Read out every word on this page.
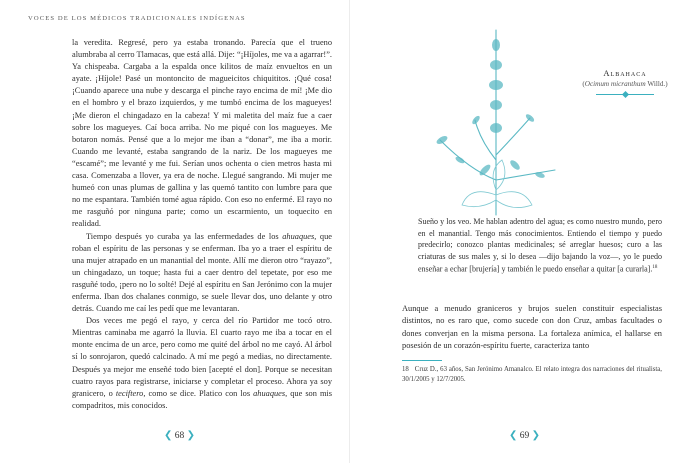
VOCES DE LOS MÉDICOS TRADICIONALES INDÍGENAS

la veredita. Regresé, pero ya estaba tronando. Parecía que el trueno alumbraba al cerro Tlamacas, que está allá. Dije: “¡Híjoles, me va a agarrar!”. Ya chispeaba. Cargaba a la espalda once kilitos de maíz envueltos en un ayate. ¡Híjole! Pasé un montoncito de magueicitos chiquititos. ¡Qué cosa! ¡Cuando aparece una nube y descarga el pinche rayo encima de mí! ¡Me dio en el hombro y el brazo izquierdos, y me tumbó encima de los magueyes! ¡Me dieron el chingadazo en la cabeza! Y mi maletita del maíz fue a caer sobre los magueyes. Caí boca arriba. No me piqué con los magueyes. Me botaron nomás. Pensé que a lo mejor me iban a “donar”, me iba a morir. Cuando me levanté, estaba sangrando de la nariz. De los magueyes me “escamé”; me levanté y me fui. Serían unos ochenta o cien metros hasta mi casa. Comenzaba a llover, ya era de noche. Llegué sangrando. Mi mujer me humeó con unas plumas de gallina y las quemó tantito con lumbre para que no me espantara. También tomé agua rápido. Con eso no enfermé. El rayo no me rasguñó por ninguna parte; como un escarmiento, un toquecito en realidad.

Tiempo después yo curaba ya las enfermedades de los ahuaques, que roban el espíritu de las personas y se enferman. Iba yo a traer el espíritu de una mujer atrapado en un manantial del monte. Allí me dieron otro “rayazo”, un chingadazo, un toque; hasta fui a caer dentro del tepetate, por eso me rasguñé todo, ¡pero no lo solté! Dejé al espíritu en San Jerónimo con la mujer enferma. Iban dos chalanes conmigo, se suele llevar dos, uno delante y otro detrás. Cuando me caí les pedí que me levantaran.

Dos veces me pegó el rayo, y cerca del río Partidor me tocó otro. Mientras caminaba me agarró la lluvia. El cuarto rayo me iba a tocar en el monte encima de un arce, pero como me quité del árbol no me cayó. Al árbol sí lo sonrojaron, quedó calcinado. A mí me pegó a medias, no directamente. Después ya mejor me enseñé todo bien [acepté el don]. Porque se necesitan cuatro rayos para registrarse, iniciarse y completar el proceso. Ahora ya soy granicero, o teciftero, como se dice. Platico con los ahuaques, que son mis compadritos, mis conocidos.

❮ 68 ❯
Albahaca
(Ocimum micranthum Willd.)

Sueño y los veo. Me hablan adentro del agua; es como nuestro mundo, pero en el manantial. Tengo más conocimientos. Entiendo el tiempo y puedo predecirlo; conozco plantas medicinales; sé arreglar huesos; curo a las criaturas de sus males y, si lo desea —dijo bajando la voz—, yo le puedo enseñar a echar [brujería] y también le puedo enseñar a quitar [a curarla].$^{18}$

Aunque a menudo graniceros y brujos suelen constituir especialistas distintos, no es raro que, como sucede con don Cruz, ambas facultades o dones converjan en la misma persona. La fortaleza anímica, el hallarse en posesión de un corazón-espíritu fuerte, caracteriza tanto

18 Cruz D., 63 años, San Jerónimo Amanalco. El relato integra dos narraciones del ritualista, 30/1/2005 y 12/7/2005.
❮ 69 ❯
